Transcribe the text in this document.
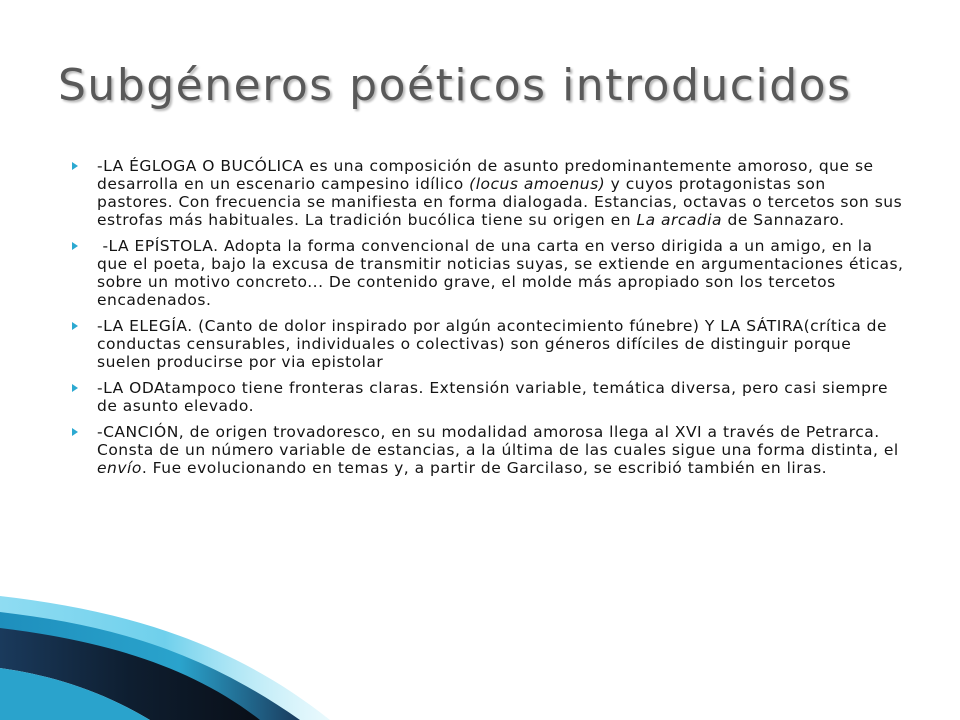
Subgéneros poéticos introducidos
-LA ÉGLOGA O BUCÓLICA es una composición de asunto predominantemente amoroso, que se desarrolla en un escenario campesino idílico (locus amoenus) y cuyos protagonistas son pastores. Con frecuencia se manifiesta en forma dialogada. Estancias, octavas o tercetos son sus estrofas más habituales. La tradición bucólica tiene su origen en La arcadia de Sannazaro.
-LA EPÍSTOLA. Adopta la forma convencional de una carta en verso dirigida a un amigo, en la que el poeta, bajo la excusa de transmitir noticias suyas, se extiende en argumentaciones éticas, sobre un motivo concreto... De contenido grave, el molde más apropiado son los tercetos encadenados.
-LA ELEGÍA. (Canto de dolor inspirado por algún acontecimiento fúnebre) Y LA SÁTIRA(crítica de conductas censurables, individuales o colectivas) son géneros difíciles de distinguir porque suelen producirse por via epistolar
-LA ODAtampoco tiene fronteras claras. Extensión variable, temática diversa, pero casi siempre de asunto elevado.
-CANCIÓN, de origen trovadoresco, en su modalidad amorosa llega al XVI a través de Petrarca. Consta de un número variable de estancias, a la última de las cuales sigue una forma distinta, el envío. Fue evolucionando en temas y, a partir de Garcilaso, se escribió también en liras.
